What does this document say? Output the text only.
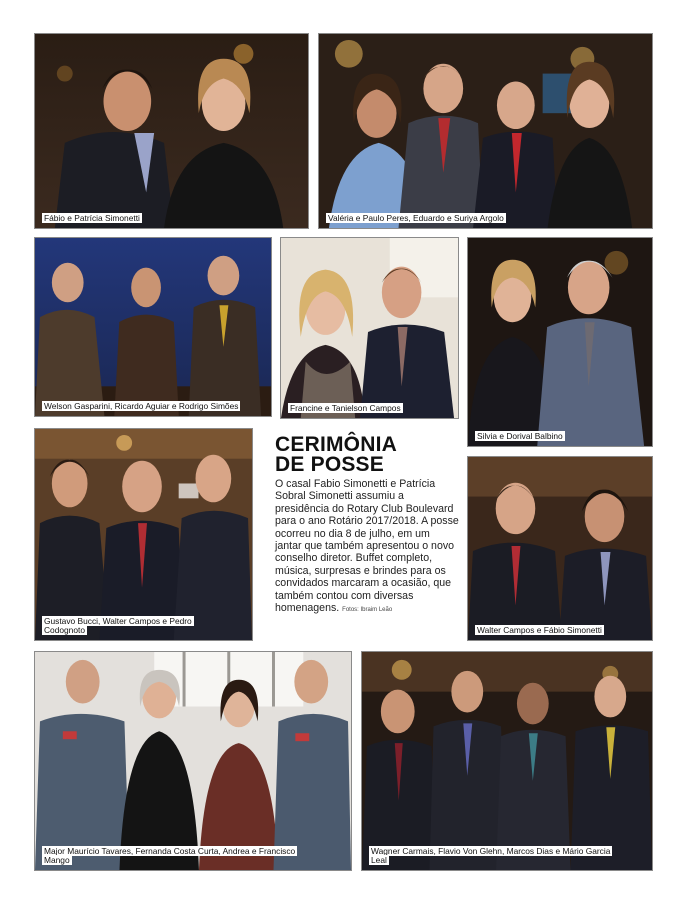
Fábio e Patrícia Simonetti	Valéria e Paulo Peres, Eduardo e Suriya Argolo
Welson Gasparini, Ricardo Aguiar e Rodrigo Simões	Francine e Tanielson Campos
Silvia e Dorival Balbino
Gustavo Bucci, Walter Campos e Pedro Codognoto
CERIMÔNIA
DE POSSE

O casal Fabio Simonetti e Patrícia Sobral Simonetti assumiu a presidência do Rotary Club Boulevard para o ano Rotário 2017/2018. A posse ocorreu no dia 8 de julho, em um jantar que também apresentou o novo conselho diretor. Buffet completo, música, surpresas e brindes para os convidados marcaram a ocasião, que também contou com diversas homenagens. Fotos: Ibraim Leão

Walter Campos e Fábio Simonetti
Major Maurício Tavares, Fernanda Costa Curta, Andrea e Francisco Mango
Wagner Carmais, Flavio Von Glehn, Marcos Dias e Mário Garcia Leal
